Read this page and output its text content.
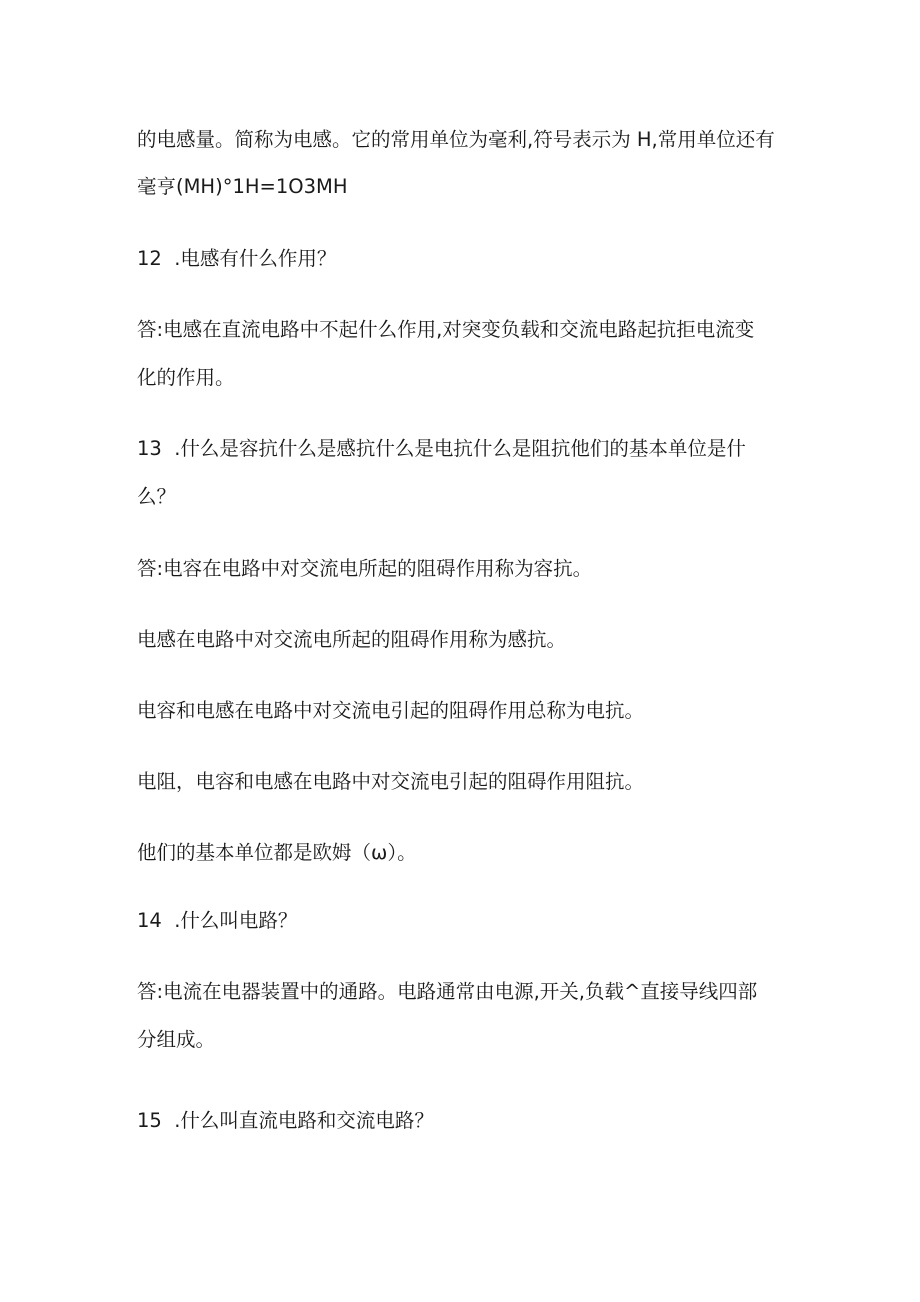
的电感量。简称为电感。它的常用单位为毫利,符号表示为 H,常用单位还有
毫亨(MH)°1H=1O3MH
12  .电感有什么作用？
答:电感在直流电路中不起什么作用,对突变负载和交流电路起抗拒电流变
化的作用。
13  .什么是容抗什么是感抗什么是电抗什么是阻抗他们的基本单位是什
么？
答:电容在电路中对交流电所起的阻碍作用称为容抗。
电感在电路中对交流电所起的阻碍作用称为感抗。
电容和电感在电路中对交流电引起的阻碍作用总称为电抗。
电阻，电容和电感在电路中对交流电引起的阻碍作用阻抗。
他们的基本单位都是欧姆（ω）。
14  .什么叫电路？
答:电流在电器装置中的通路。电路通常由电源,开关,负载^直接导线四部
分组成。
15  .什么叫直流电路和交流电路？
